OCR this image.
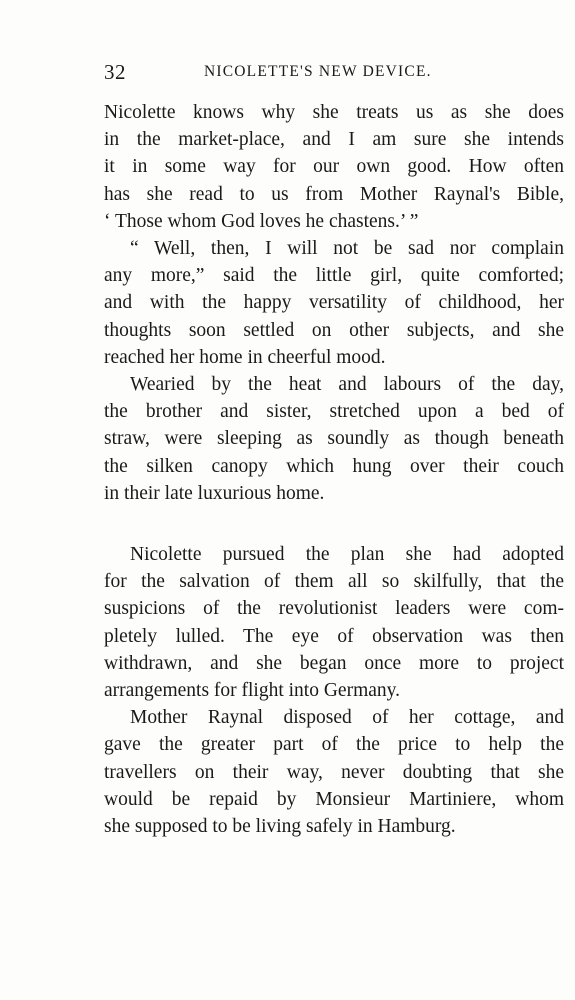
32	NICOLETTE'S NEW DEVICE.

Nicolette knows why she treats us as she does
in the market-place, and I am sure she intends
it in some way for our own good. How often
has she read to us from Mother Raynal's Bible,
‘ Those whom God loves he chastens.’ ”

“ Well, then, I will not be sad nor complain
any more,” said the little girl, quite comforted;
and with the happy versatility of childhood, her
thoughts soon settled on other subjects, and she
reached her home in cheerful mood.

Wearied by the heat and labours of the day,
the brother and sister, stretched upon a bed of
straw, were sleeping as soundly as though beneath
the silken canopy which hung over their couch
in their late luxurious home.

Nicolette pursued the plan she had adopted
for the salvation of them all so skilfully, that the
suspicions of the revolutionist leaders were com-
pletely lulled. The eye of observation was then
withdrawn, and she began once more to project
arrangements for flight into Germany.

Mother Raynal disposed of her cottage, and
gave the greater part of the price to help the
travellers on their way, never doubting that she
would be repaid by Monsieur Martiniere, whom
she supposed to be living safely in Hamburg.
